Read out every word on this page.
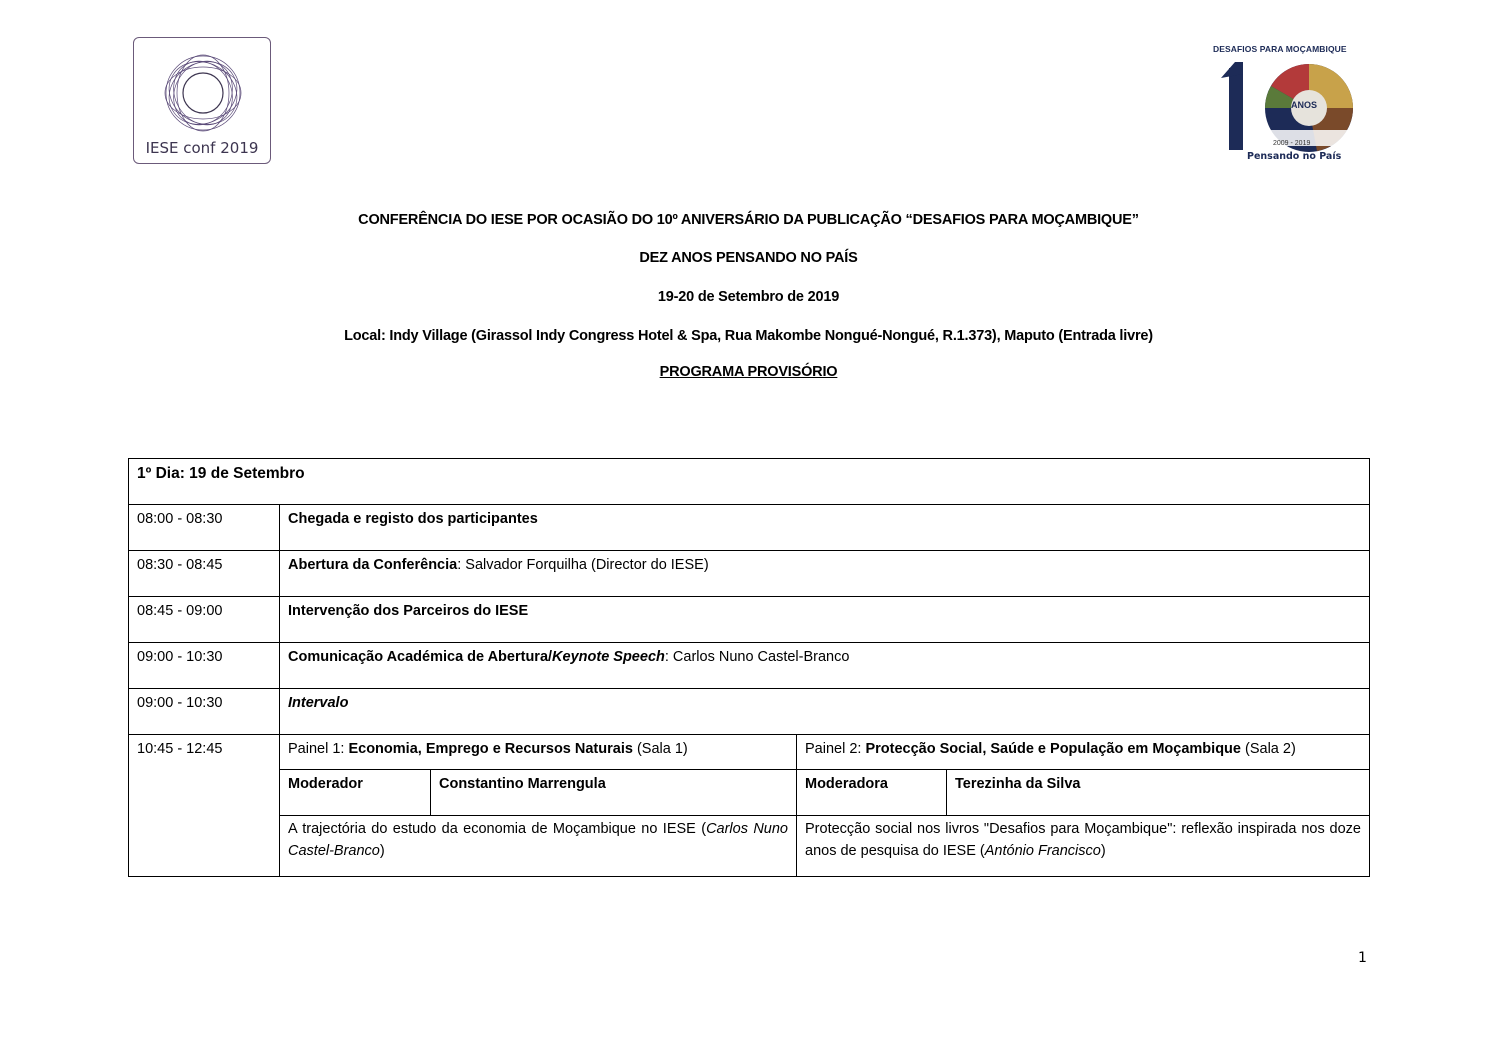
IESE conf 2019
DESAFIOS PARA MOÇAMBIQUE
ANOS
2009 - 2019
Pensando no País
CONFERÊNCIA DO IESE POR OCASIÃO DO 10º ANIVERSÁRIO DA PUBLICAÇÃO “DESAFIOS PARA MOÇAMBIQUE”
DEZ ANOS PENSANDO NO PAÍS
19-20 de Setembro de 2019
Local: Indy Village (Girassol Indy Congress Hotel & Spa, Rua Makombe Nongué-Nongué, R.1.373), Maputo (Entrada livre)
PROGRAMA PROVISÓRIO
1º Dia: 19 de Setembro				
08:00 - 08:30	Chegada e registo dos participantes			
08:30 - 08:45	Abertura da Conferência: Salvador Forquilha (Director do IESE)			
08:45 - 09:00	Intervenção dos Parceiros do IESE			
09:00 - 10:30	Comunicação Académica de Abertura/Keynote Speech: Carlos Nuno Castel-Branco			
09:00 - 10:30	Intervalo			
10:45 - 12:45	Painel 1: Economia, Emprego e Recursos Naturais (Sala 1)		Painel 2: Protecção Social, Saúde e População em Moçambique (Sala 2)	
	Moderador	Constantino Marrengula	Moderadora	Terezinha da Silva
	A trajectória do estudo da economia de Moçambique no IESE (Carlos Nuno Castel-Branco)		Protecção social nos livros "Desafios para Moçambique": reflexão inspirada nos doze anos de pesquisa do IESE (António Francisco)	
1
